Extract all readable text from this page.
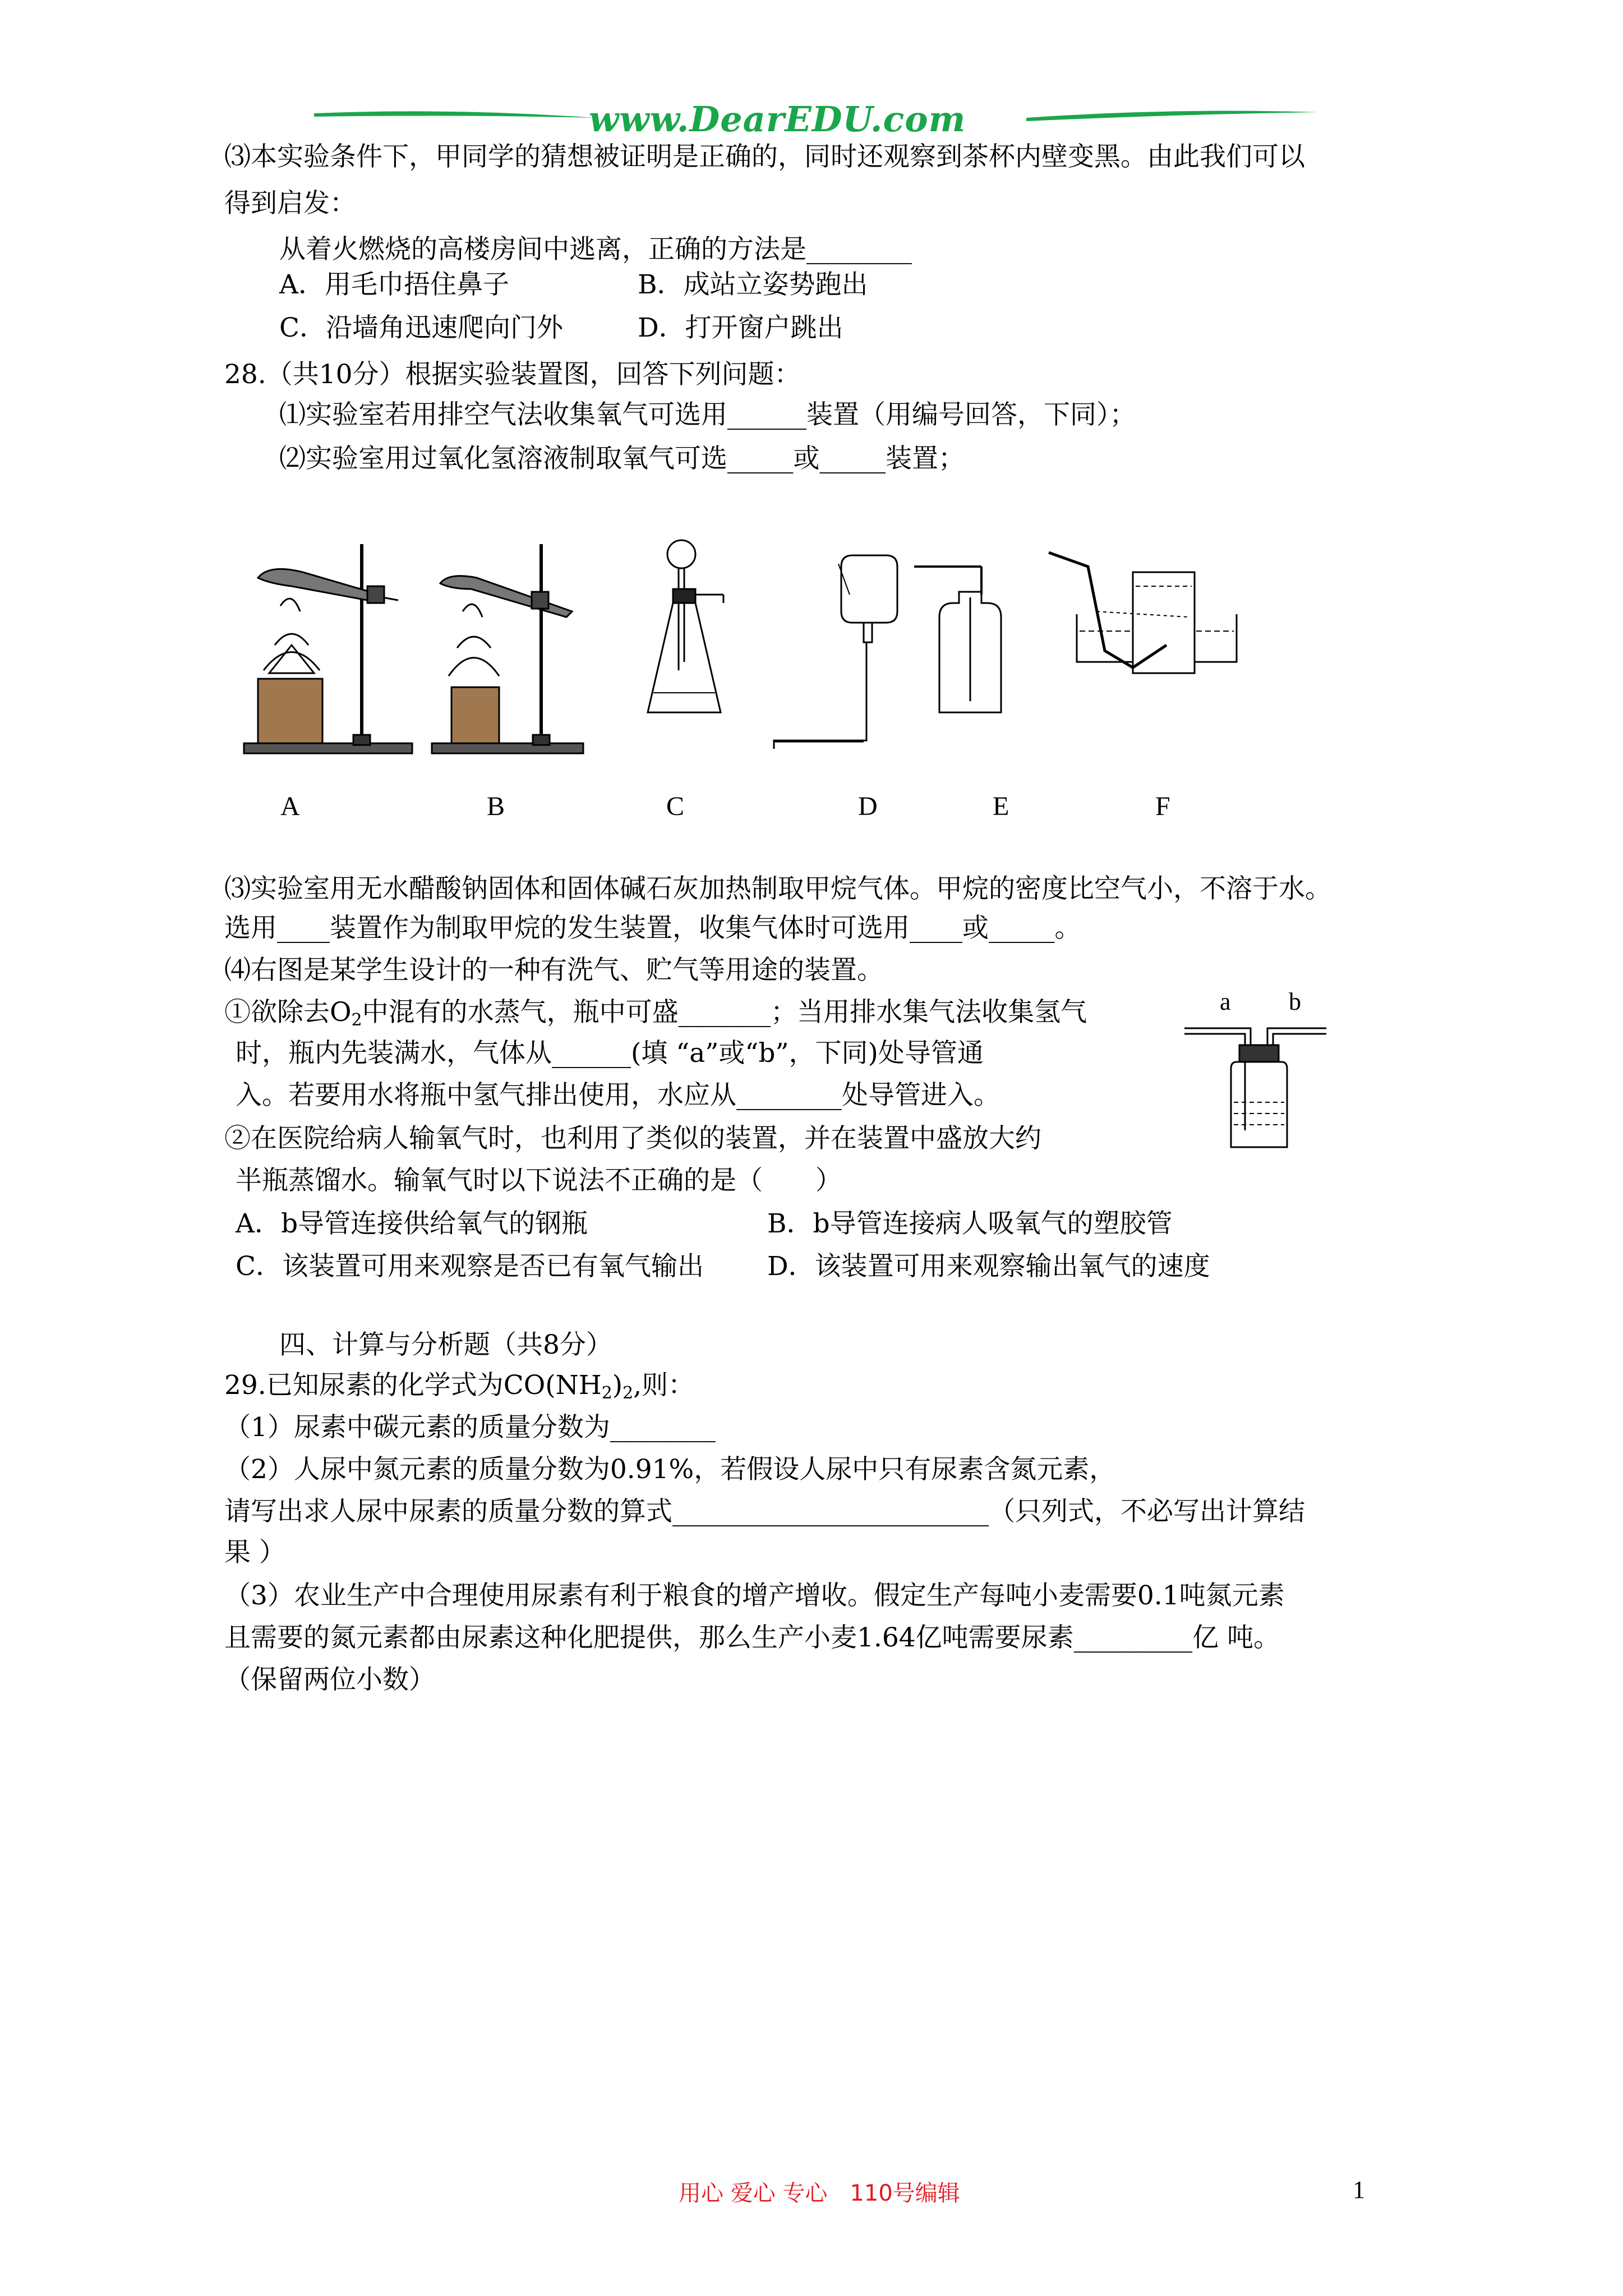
www.DearEDU.com
⑶本实验条件下，甲同学的猜想被证明是正确的，同时还观察到茶杯内壁变黑。由此我们可以
得到启发：
从着火燃烧的高楼房间中逃离，正确的方法是________
A．用毛巾捂住鼻子	B．成站立姿势跑出
C．沿墙角迅速爬向门外	D．打开窗户跳出
28.（共10分）根据实验装置图，回答下列问题：
⑴实验室若用排空气法收集氧气可选用______装置（用编号回答，下同）；
⑵实验室用过氧化氢溶液制取氧气可选_____或_____装置；
A	B	C	D	E	F
⑶实验室用无水醋酸钠固体和固体碱石灰加热制取甲烷气体。甲烷的密度比空气小，不溶于水。
选用____装置作为制取甲烷的发生装置，收集气体时可选用____或_____。
⑷右图是某学生设计的一种有洗气、贮气等用途的装置。
①欲除去$O_2$中混有的水蒸气，瓶中可盛_______；当用排水集气法收集氢气
时，瓶内先装满水，气体从______(填 “a”或“b”，下同)处导管通
入。若要用水将瓶中氢气排出使用，水应从________处导管进入。
②在医院给病人输氧气时，也利用了类似的装置，并在装置中盛放大约
半瓶蒸馏水。输氧气时以下说法不正确的是（　　）
A．b导管连接供给氧气的钢瓶	B．b导管连接病人吸氧气的塑胶管
C．该装置可用来观察是否已有氧气输出 D．该装置可用来观察输出氧气的速度
a b
四、计算与分析题（共8分）
29.已知尿素的化学式为$CO(NH_2)_2$,则：
（1）尿素中碳元素的质量分数为________
（2）人尿中氮元素的质量分数为0.91%，若假设人尿中只有尿素含氮元素，
请写出求人尿中尿素的质量分数的算式________________________（只列式，不必写出计算结
果 ）
（3）农业生产中合理使用尿素有利于粮食的增产增收。假定生产每吨小麦需要0.1吨氮元素
且需要的氮元素都由尿素这种化肥提供，那么生产小麦1.64亿吨需要尿素_________亿 吨。
（保留两位小数）
用心 爱心 专心　110号编辑	1
